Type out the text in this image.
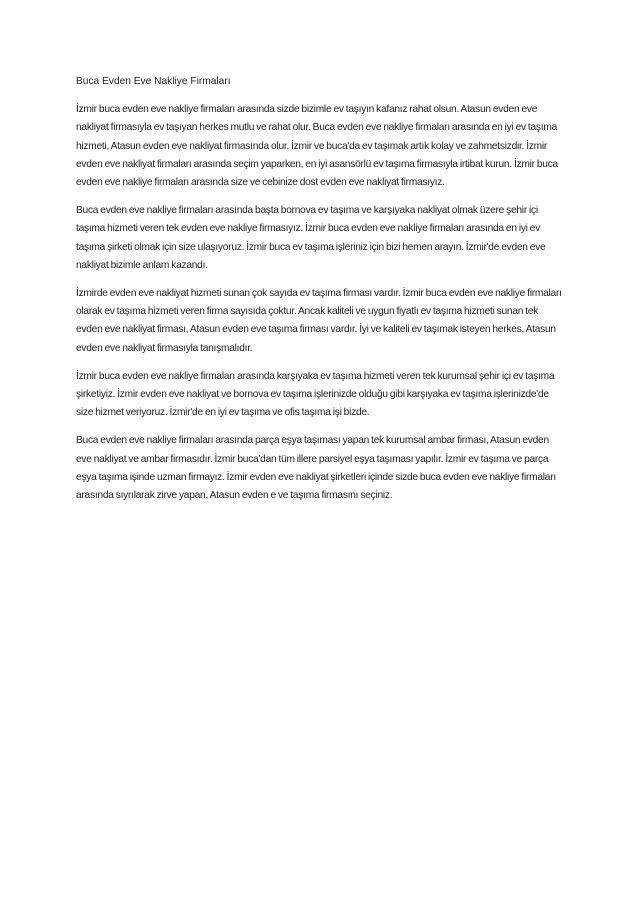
Buca Evden Eve Nakliye Firmaları

İzmir buca evden eve nakliye firmaları arasında sizde bizimle ev taşıyın kafanız rahat olsun. Atasun evden eve nakliyat firmasıyla ev taşıyan herkes mutlu ve rahat olur. Buca evden eve nakliye firmaları arasında en iyi ev taşıma hizmeti, Atasun evden eve nakliyat firmasında olur. İzmir ve buca'da ev taşımak artık kolay ve zahmetsizdir. İzmir evden eve nakliyat firmaları arasında seçim yaparken, en iyi asansörlü ev taşıma firmasıyla irtibat kurun. İzmir buca evden eve nakliye firmaları arasında size ve cebinize dost evden eve nakliyat firmasıyız.

Buca evden eve nakliye firmaları arasında başta bornova ev taşıma ve karşıyaka nakliyat olmak üzere şehir içi taşıma hizmeti veren tek evden eve nakliye firmasıyız. İzmir buca evden eve nakliye firmaları arasında en iyi ev taşıma şirketi olmak için size ulaşıyoruz. İzmir buca ev taşıma işleriniz için bizi hemen arayın. İzmir'de evden eve nakliyat bizimle anlam kazandı.

İzmirde evden eve nakliyat hizmeti sunan çok sayıda ev taşıma firması vardır. İzmir buca evden eve nakliye firmaları olarak ev taşıma hizmeti veren firma sayısıda çoktur. Ancak kaliteli ve uygun fiyatlı ev taşıma hizmeti sunan tek evden eve nakliyat firması, Atasun evden eve taşıma firması vardır. İyi ve kaliteli ev taşımak isteyen herkes, Atasun evden eve nakliyat firmasıyla tanışmalıdır.

İzmir buca evden eve nakliye firmaları arasında karşıyaka ev taşıma hizmeti veren tek kurumsal şehir içi ev taşıma şirketiyiz. İzmir evden eve nakliyat ve bornova ev taşıma işlerinizde olduğu gibi karşıyaka ev taşıma işlerinizde'de size hizmet veriyoruz. İzmir'de en iyi ev taşıma ve ofis taşıma işi bizde.

Buca evden eve nakliye firmaları arasında parça eşya taşıması yapan tek kurumsal ambar firması, Atasun evden eve nakliyat ve ambar firmasıdır. İzmir buca'dan tüm illere parsiyel eşya taşıması yapılır. İzmir ev taşıma ve parça eşya taşıma işinde uzman firmayız. İzmir evden eve nakliyat şirketleri içinde sizde buca evden eve nakliye firmaları arasında sıyrılarak zirve yapan, Atasun evden e ve taşıma firmasını seçiniz.
